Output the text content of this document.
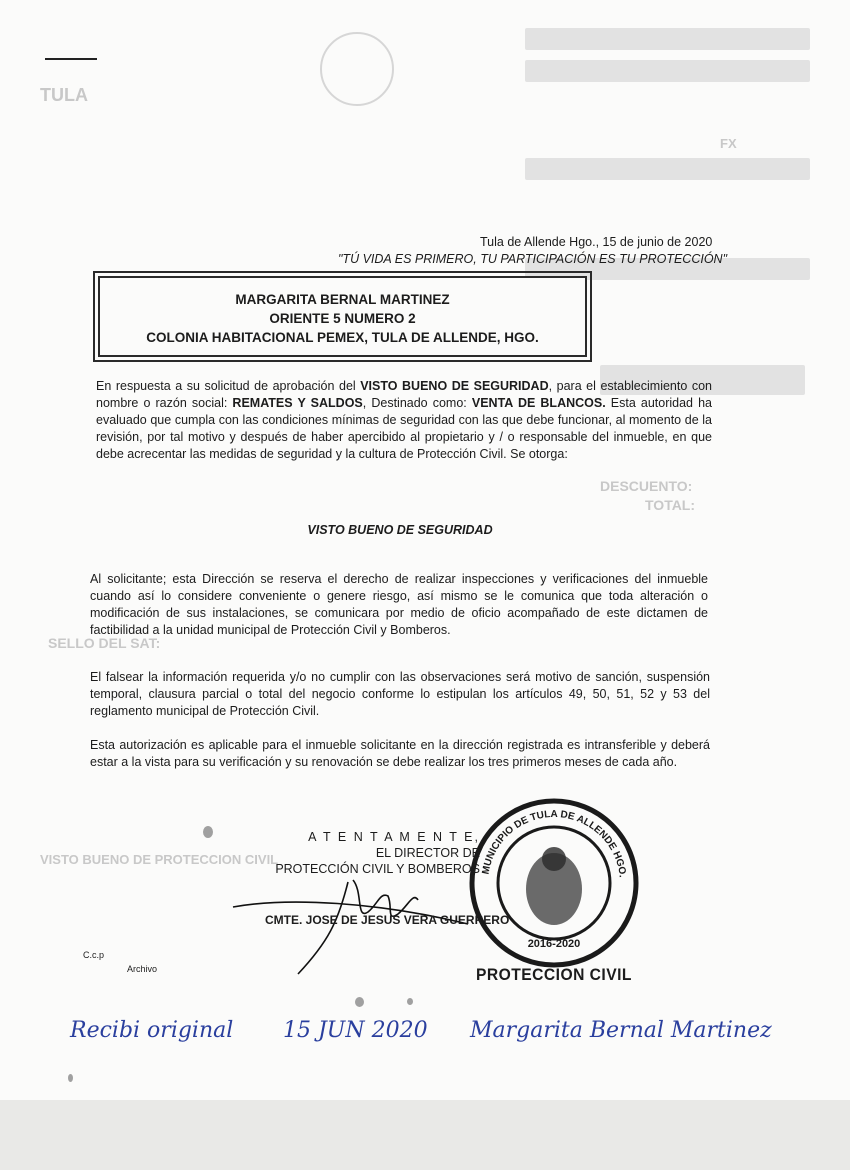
TULA
FX
DESCUENTO:
TOTAL:
SELLO DEL SAT:
VISTO BUENO DE PROTECCION CIVIL
Tula de Allende Hgo., 15 de junio de 2020
"TÚ VIDA ES PRIMERO, TU PARTICIPACIÓN ES TU PROTECCIÓN"
MARGARITA BERNAL MARTINEZ
ORIENTE 5 NUMERO 2
COLONIA HABITACIONAL PEMEX, TULA DE ALLENDE, HGO.
En respuesta a su solicitud de aprobación del VISTO BUENO DE SEGURIDAD, para el establecimiento con nombre o razón social: REMATES Y SALDOS, Destinado como: VENTA DE BLANCOS. Esta autoridad ha evaluado que cumpla con las condiciones mínimas de seguridad con las que debe funcionar, al momento de la revisión, por tal motivo y después de haber apercibido al propietario y / o responsable del inmueble, en que debe acrecentar las medidas de seguridad y la cultura de Protección Civil. Se otorga:
VISTO BUENO DE SEGURIDAD
Al solicitante; esta Dirección se reserva el derecho de realizar inspecciones y verificaciones del inmueble cuando así lo considere conveniente o genere riesgo, así mismo se le comunica que toda alteración o modificación de sus instalaciones, se comunicara por medio de oficio acompañado de este dictamen de factibilidad a la unidad municipal de Protección Civil y Bomberos.
El falsear la información requerida y/o no cumplir con las observaciones será motivo de sanción, suspensión temporal, clausura parcial o total del negocio conforme lo estipulan los artículos 49, 50, 51, 52 y 53 del reglamento municipal de Protección Civil.
Esta autorización es aplicable para el inmueble solicitante en la dirección registrada es intransferible y deberá estar a la vista para su verificación y su renovación se debe realizar los tres primeros meses de cada año.
MUNICIPIO DE TULA DE ALLENDE HGO.
2016-2020
A T E N T A M E N T E,
EL DIRECTOR DE
PROTECCIÓN CIVIL Y BOMBEROS
CMTE. JOSE DE JESUS VERA GUERRERO
PROTECCION CIVIL
C.c.p
Archivo
Recibi original 15 JUN 2020 Margarita Bernal Martinez
